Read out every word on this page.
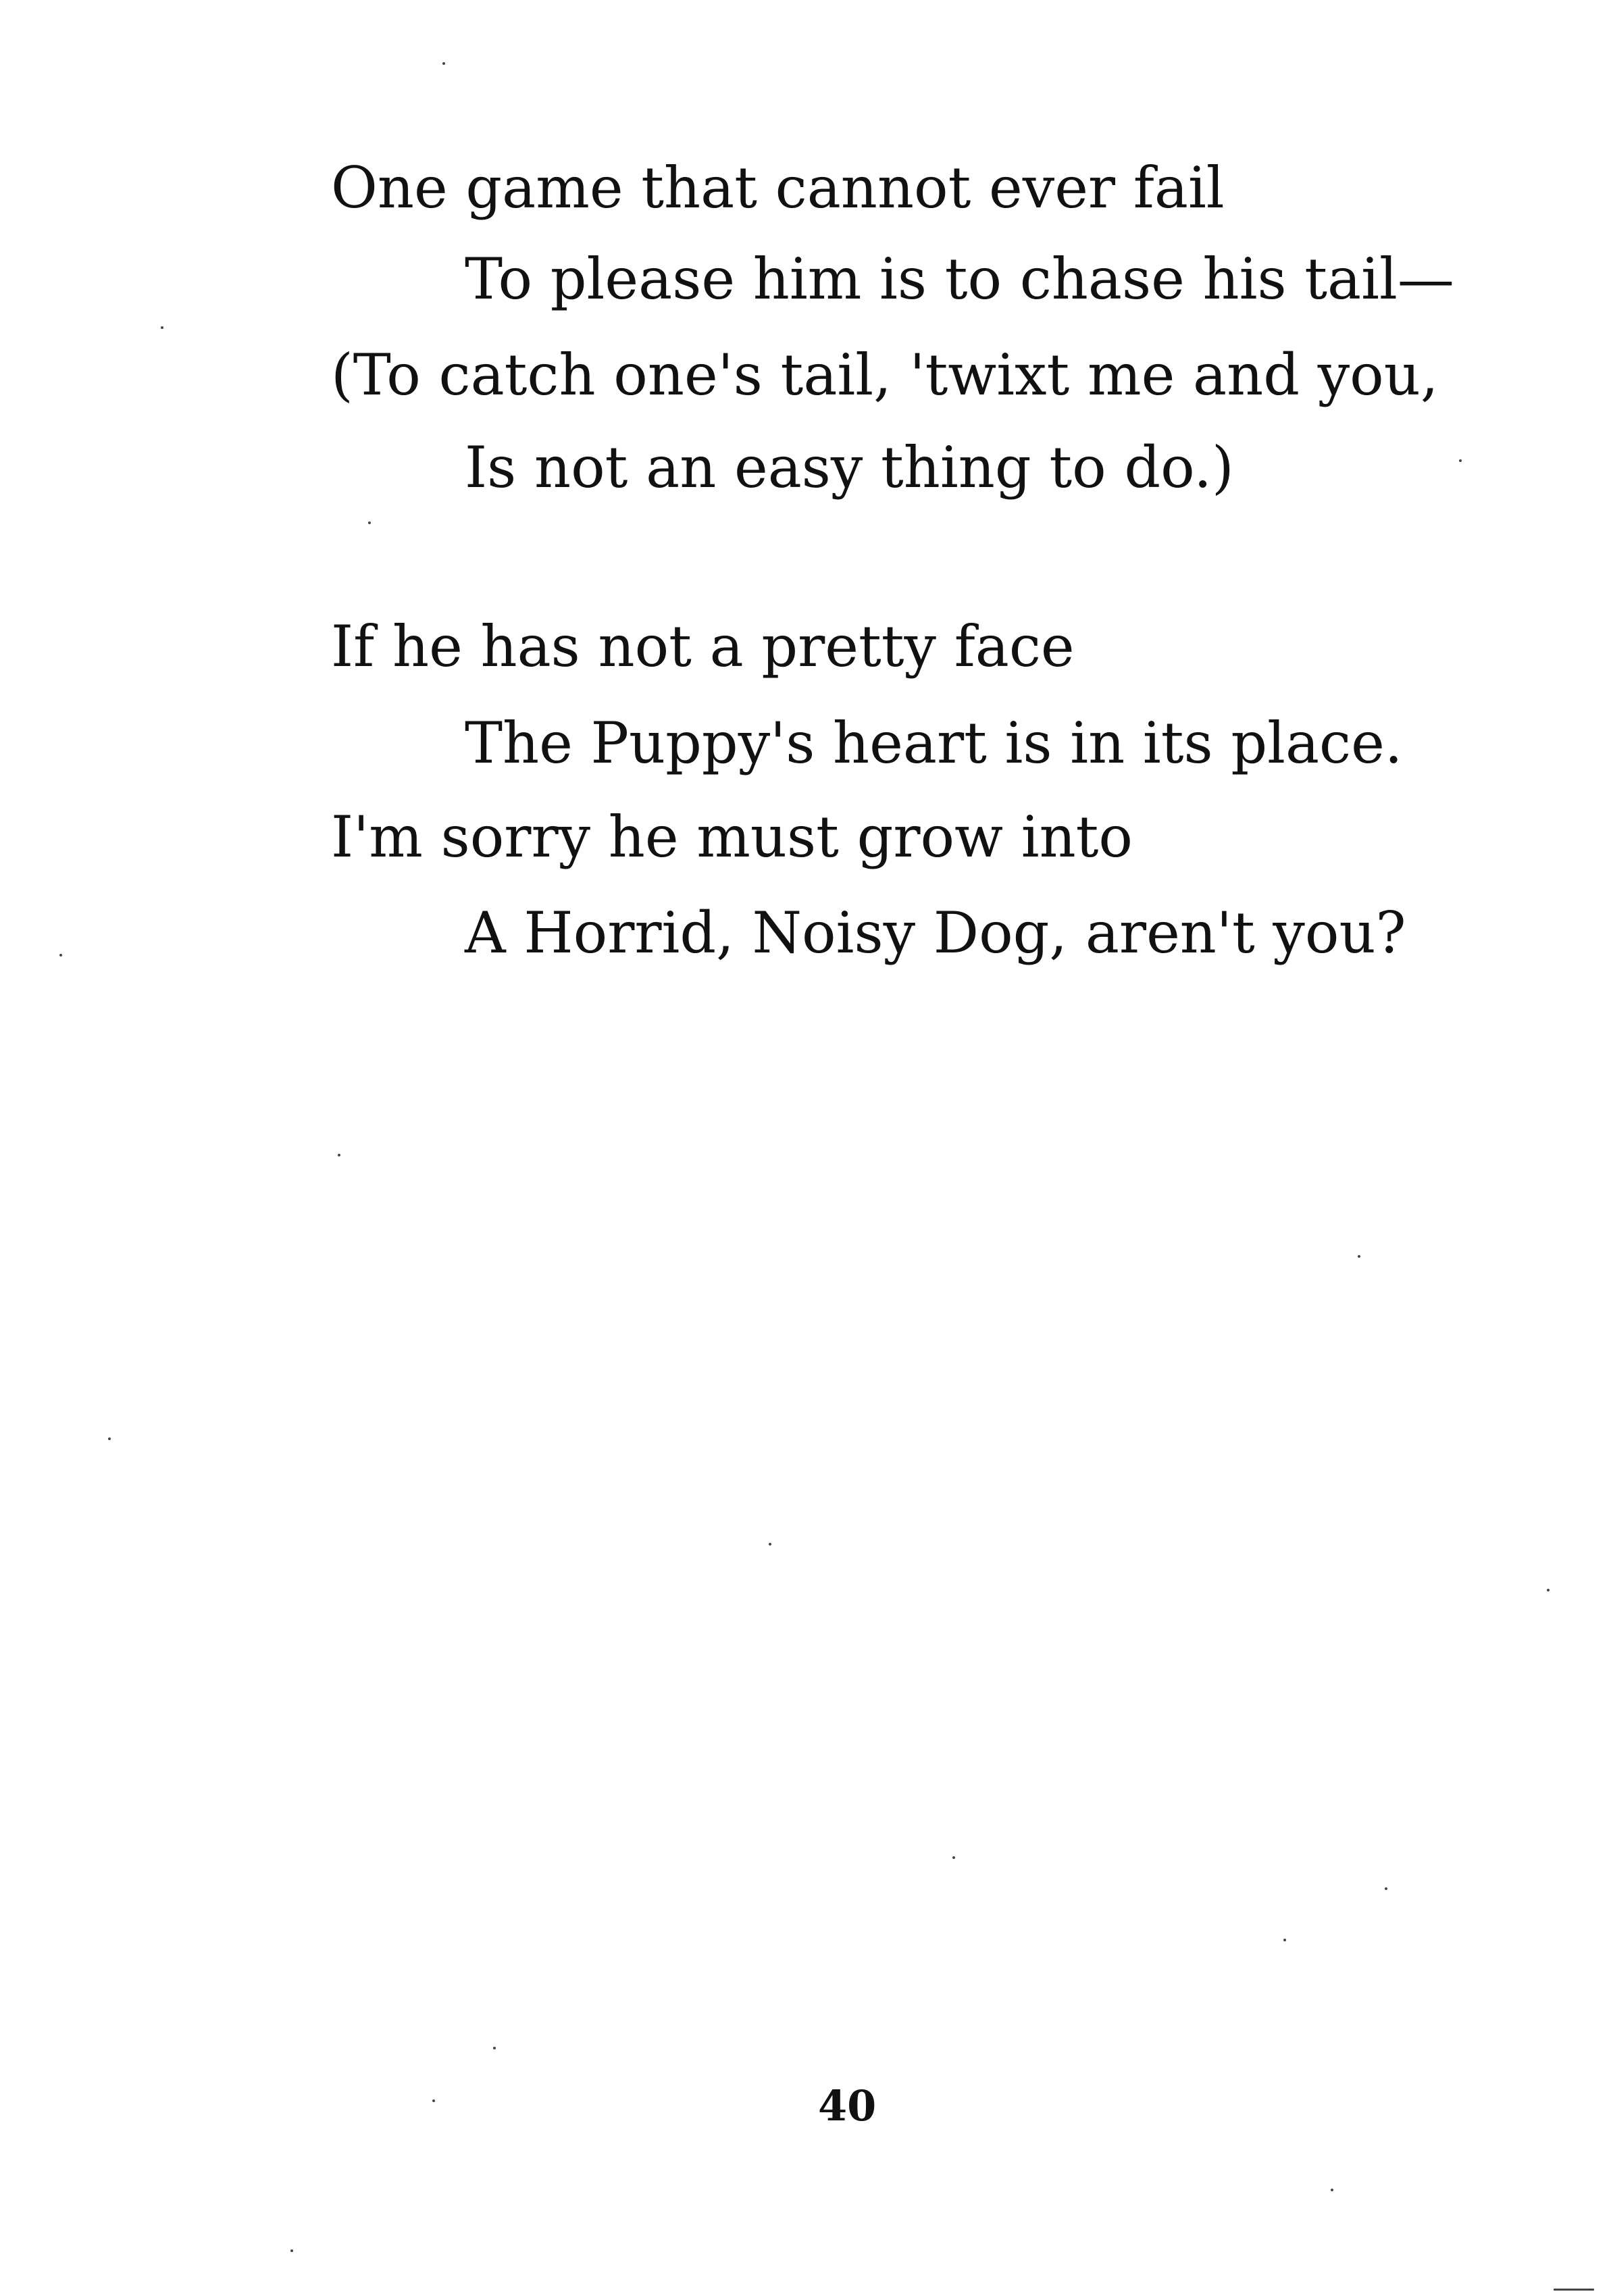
One game that cannot ever fail
To please him is to chase his tail—
(To catch one's tail, 'twixt me and you,
Is not an easy thing to do.)
If he has not a pretty face
The Puppy's heart is in its place.
I'm sorry he must grow into
A Horrid, Noisy Dog, aren't you?
40
